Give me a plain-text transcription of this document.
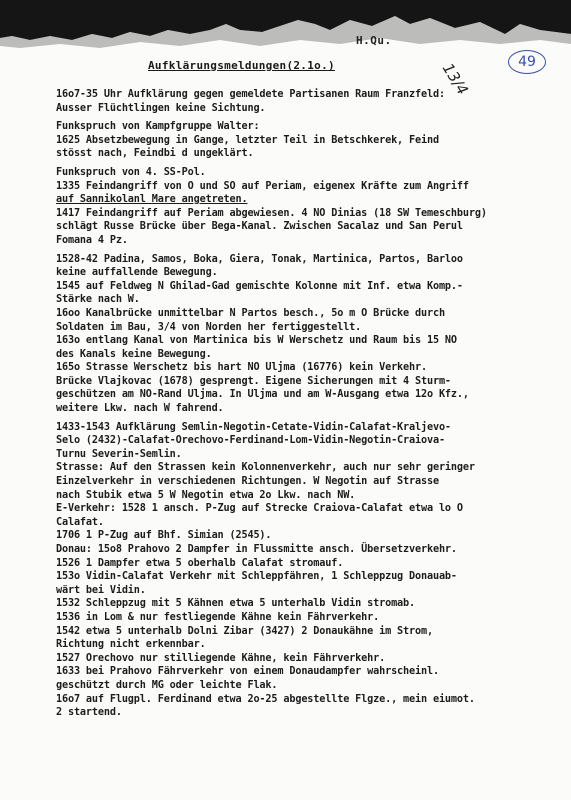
H.Qu.
49
13/4
Aufklärungsmeldungen(2.1o.)
16o7-35 Uhr Aufklärung gegen gemeldete Partisanen Raum Franzfeld:
Ausser Flüchtlingen keine Sichtung.
Funkspruch von Kampfgruppe Walter:
1625 Absetzbewegung in Gange, letzter Teil in Betschkerek, Feind
stösst nach, Feindbi d ungeklärt.
Funkspruch von 4. SS-Pol.
1335 Feindangriff von O und SO auf Periam, eigenex Kräfte zum Angriff
auf Sannikolanl Mare angetreten.
1417 Feindangriff auf Periam abgewiesen. 4 NO Dinias (18 SW Temeschburg)
schlägt Russe Brücke über Bega-Kanal. Zwischen Sacalaz und San Perul
Fomana 4 Pz.
1528-42 Padina, Samos, Boka, Giera, Tonak, Martinica, Partos, Barloo
keine auffallende Bewegung.
1545 auf Feldweg N Ghilad-Gad gemischte Kolonne mit Inf. etwa Komp.-
Stärke nach W.
16oo Kanalbrücke unmittelbar N Partos besch., 5o m O Brücke durch
Soldaten im Bau, 3/4 von Norden her fertiggestellt.
163o entlang Kanal von Martinica bis W Werschetz und Raum bis 15 NO
des Kanals keine Bewegung.
165o Strasse Werschetz bis hart NO Uljma (16776) kein Verkehr.
Brücke Vlajkovac (1678) gesprengt. Eigene Sicherungen mit 4 Sturm-
geschützen am NO-Rand Uljma. In Uljma und am W-Ausgang etwa 12o Kfz.,
weitere Lkw. nach W fahrend.
1433-1543 Aufklärung Semlin-Negotin-Cetate-Vidin-Calafat-Kraljevo-
Selo (2432)-Calafat-Orechovo-Ferdinand-Lom-Vidin-Negotin-Craiova-
Turnu Severin-Semlin.
Strasse: Auf den Strassen kein Kolonnenverkehr, auch nur sehr geringer
Einzelverkehr in verschiedenen Richtungen. W Negotin auf Strasse
nach Stubik etwa 5 W Negotin etwa 2o Lkw. nach NW.
E-Verkehr: 1528 1 ansch. P-Zug auf Strecke Craiova-Calafat etwa lo O
Calafat.
1706 1 P-Zug auf Bhf. Simian (2545).
Donau: 15o8 Prahovo 2 Dampfer in Flussmitte ansch. Übersetzverkehr.
1526 1 Dampfer etwa 5 oberhalb Calafat stromauf.
153o Vidin-Calafat Verkehr mit Schleppfähren, 1 Schleppzug Donauab-
wärt bei Vidin.
1532 Schleppzug mit 5 Kähnen etwa 5 unterhalb Vidin stromab.
1536 in Lom & nur festliegende Kähne kein Fährverkehr.
1542 etwa 5 unterhalb Dolni Zibar (3427) 2 Donaukähne im Strom,
Richtung nicht erkennbar.
1527 Orechovo nur stilliegende Kähne, kein Fährverkehr.
1633 bei Prahovo Fährverkehr von einem Donaudampfer wahrscheinl.
geschützt durch MG oder leichte Flak.
16o7 auf Flugpl. Ferdinand etwa 2o-25 abgestellte Flgze., mein eiumot.
2 startend.
